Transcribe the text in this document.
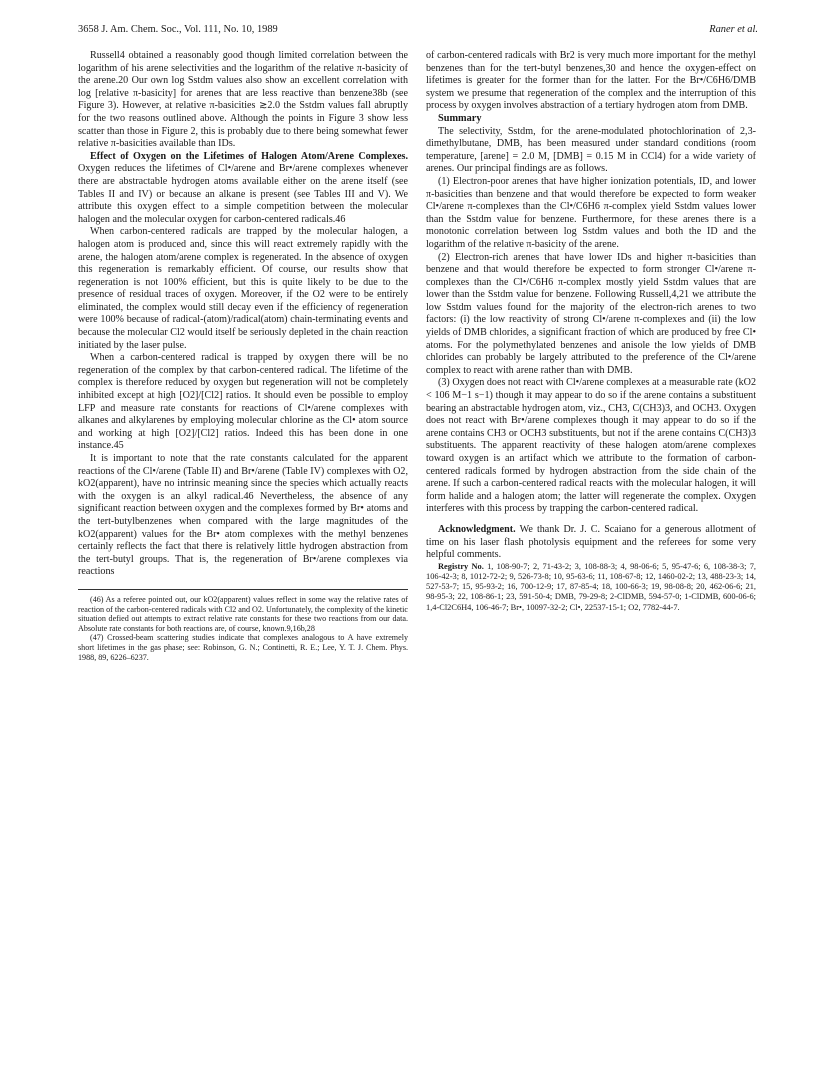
3658 J. Am. Chem. Soc., Vol. 111, No. 10, 1989	Raner et al.

Russell4 obtained a reasonably good though limited correlation between the logarithm of his arene selectivities and the logarithm of the relative π-basicity of the arene.20 Our own log Sstdm values also show an excellent correlation with log [relative π-basicity] for arenes that are less reactive than benzene38b (see Figure 3). However, at relative π-basicities ≳2.0 the Sstdm values fall abruptly for the two reasons outlined above. Although the points in Figure 3 show less scatter than those in Figure 2, this is probably due to there being somewhat fewer relative π-basicities available than IDs.

Effect of Oxygen on the Lifetimes of Halogen Atom/Arene Complexes. Oxygen reduces the lifetimes of Cl•/arene and Br•/arene complexes whenever there are abstractable hydrogen atoms available either on the arene itself (see Tables II and IV) or because an alkane is present (see Tables III and V). We attribute this oxygen effect to a simple competition between the molecular halogen and the molecular oxygen for carbon-centered radicals.46

When carbon-centered radicals are trapped by the molecular halogen, a halogen atom is produced and, since this will react extremely rapidly with the arene, the halogen atom/arene complex is regenerated. In the absence of oxygen this regeneration is remarkably efficient. Of course, our results show that regeneration is not 100% efficient, but this is quite likely to be due to the presence of residual traces of oxygen. Moreover, if the O2 were to be entirely eliminated, the complex would still decay even if the efficiency of regeneration were 100% because of radical-(atom)/radical(atom) chain-terminating events and because the molecular Cl2 would itself be seriously depleted in the chain reaction initiated by the laser pulse.

When a carbon-centered radical is trapped by oxygen there will be no regeneration of the complex by that carbon-centered radical. The lifetime of the complex is therefore reduced by oxygen but regeneration will not be completely inhibited except at high [O2]/[Cl2] ratios. It should even be possible to employ LFP and measure rate constants for reactions of Cl•/arene complexes with alkanes and alkylarenes by employing molecular chlorine as the Cl• atom source and working at high [O2]/[Cl2] ratios. Indeed this has been done in one instance.45

It is important to note that the rate constants calculated for the apparent reactions of the Cl•/arene (Table II) and Br•/arene (Table IV) complexes with O2, kO2(apparent), have no intrinsic meaning since the species which actually reacts with the oxygen is an alkyl radical.46 Nevertheless, the absence of any significant reaction between oxygen and the complexes formed by Br• atoms and the tert-butylbenzenes when compared with the large magnitudes of the kO2(apparent) values for the Br• atom complexes with the methyl benzenes certainly reflects the fact that there is relatively little hydrogen abstraction from the tert-butyl groups. That is, the regeneration of Br•/arene complexes via reactions

(46) As a referee pointed out, our kO2(apparent) values reflect in some way the relative rates of reaction of the carbon-centered radicals with Cl2 and O2. Unfortunately, the complexity of the kinetic situation defied out attempts to extract relative rate constants for these two reactions from our data. Absolute rate constants for both reactions are, of course, known.9,16b,28

(47) Crossed-beam scattering studies indicate that complexes analogous to A have extremely short lifetimes in the gas phase; see: Robinson, G. N.; Continetti, R. E.; Lee, Y. T. J. Chem. Phys. 1988, 89, 6226–6237.

of carbon-centered radicals with Br2 is very much more important for the methyl benzenes than for the tert-butyl benzenes,30 and hence the oxygen-effect on lifetimes is greater for the former than for the latter. For the Br•/C6H6/DMB system we presume that regeneration of the complex and the interruption of this process by oxygen involves abstraction of a tertiary hydrogen atom from DMB.

Summary

The selectivity, Sstdm, for the arene-modulated photochlorination of 2,3-dimethylbutane, DMB, has been measured under standard conditions (room temperature, [arene] = 2.0 M, [DMB] = 0.15 M in CCl4) for a wide variety of arenes. Our principal findings are as follows.

(1) Electron-poor arenes that have higher ionization potentials, ID, and lower π-basicities than benzene and that would therefore be expected to form weaker Cl•/arene π-complexes than the Cl•/C6H6 π-complex yield Sstdm values lower than the Sstdm value for benzene. Furthermore, for these arenes there is a monotonic correlation between log Sstdm values and both the ID and the logarithm of the relative π-basicity of the arene.

(2) Electron-rich arenes that have lower IDs and higher π-basicities than benzene and that would therefore be expected to form stronger Cl•/arene π-complexes than the Cl•/C6H6 π-complex mostly yield Sstdm values that are lower than the Sstdm value for benzene. Following Russell,4,21 we attribute the low Sstdm values found for the majority of the electron-rich arenes to two factors: (i) the low reactivity of strong Cl•/arene π-complexes and (ii) the low yields of DMB chlorides, a significant fraction of which are produced by free Cl• atoms. For the polymethylated benzenes and anisole the low yields of DMB chlorides can probably be largely attributed to the preference of the Cl•/arene complex to react with arene rather than with DMB.

(3) Oxygen does not react with Cl•/arene complexes at a measurable rate (kO2 < 106 M−1 s−1) though it may appear to do so if the arene contains a substituent bearing an abstractable hydrogen atom, viz., CH3, C(CH3)3, and OCH3. Oxygen does not react with Br•/arene complexes though it may appear to do so if the arene contains CH3 or OCH3 substituents, but not if the arene contains C(CH3)3 substituents. The apparent reactivity of these halogen atom/arene complexes toward oxygen is an artifact which we attribute to the formation of carbon-centered radicals formed by hydrogen abstraction from the side chain of the arene. If such a carbon-centered radical reacts with the molecular halogen, it will form halide and a halogen atom; the latter will regenerate the complex. Oxygen interferes with this process by trapping the carbon-centered radical.

Acknowledgment. We thank Dr. J. C. Scaiano for a generous allotment of time on his laser flash photolysis equipment and the referees for some very helpful comments.

Registry No. 1, 108-90-7; 2, 71-43-2; 3, 108-88-3; 4, 98-06-6; 5, 95-47-6; 6, 108-38-3; 7, 106-42-3; 8, 1012-72-2; 9, 526-73-8; 10, 95-63-6; 11, 108-67-8; 12, 1460-02-2; 13, 488-23-3; 14, 527-53-7; 15, 95-93-2; 16, 700-12-9; 17, 87-85-4; 18, 100-66-3; 19, 98-08-8; 20, 462-06-6; 21, 98-95-3; 22, 108-86-1; 23, 591-50-4; DMB, 79-29-8; 2-ClDMB, 594-57-0; 1-ClDMB, 600-06-6; 1,4-Cl2C6H4, 106-46-7; Br•, 10097-32-2; Cl•, 22537-15-1; O2, 7782-44-7.
